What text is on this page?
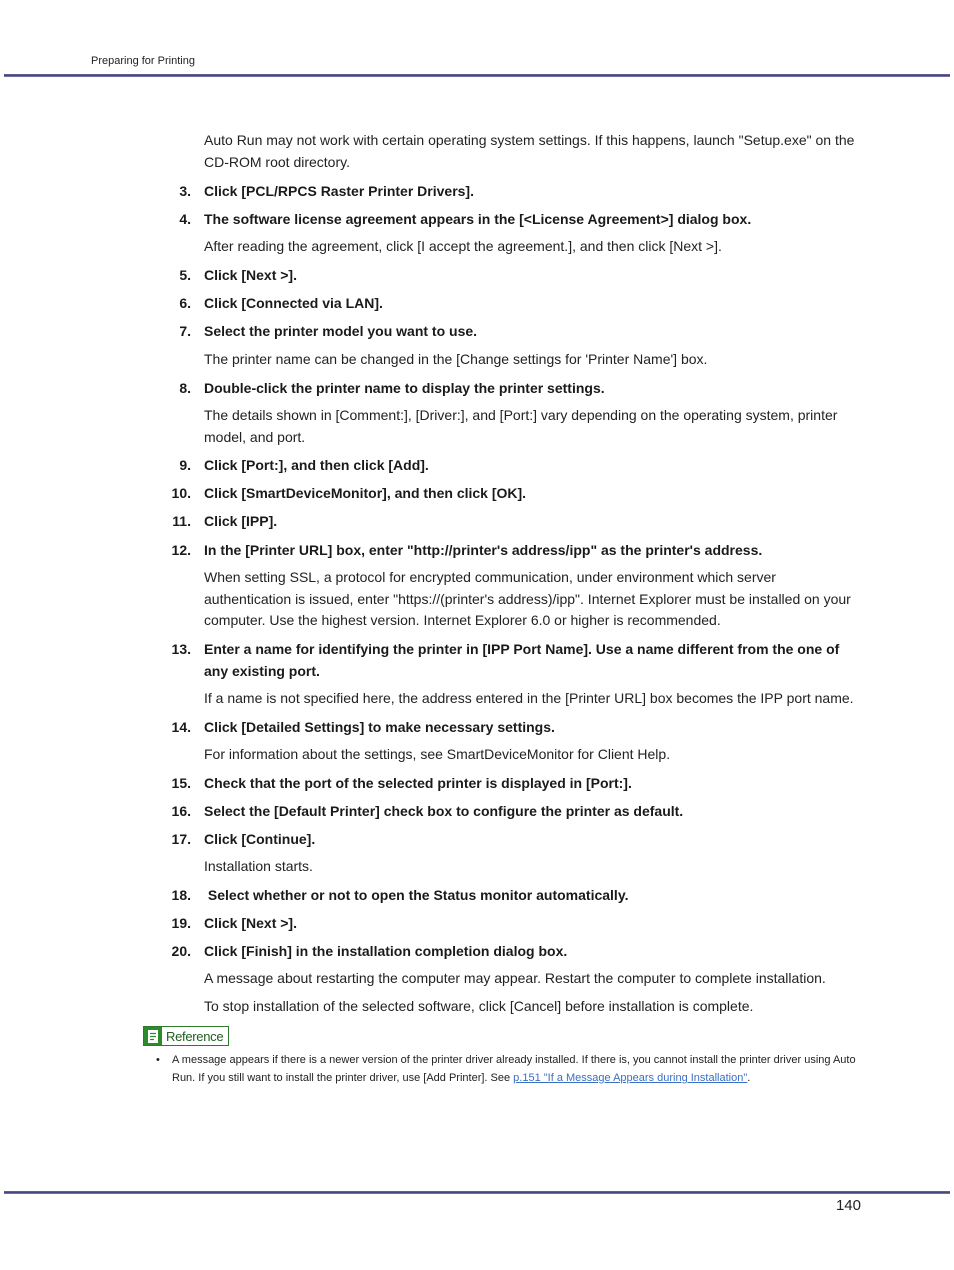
Preparing for Printing
Auto Run may not work with certain operating system settings. If this happens, launch "Setup.exe" on the CD-ROM root directory.
3. Click [PCL/RPCS Raster Printer Drivers].
4. The software license agreement appears in the [<License Agreement>] dialog box.
After reading the agreement, click [I accept the agreement.], and then click [Next >].
5. Click [Next >].
6. Click [Connected via LAN].
7. Select the printer model you want to use.
The printer name can be changed in the [Change settings for 'Printer Name'] box.
8. Double-click the printer name to display the printer settings.
The details shown in [Comment:], [Driver:], and [Port:] vary depending on the operating system, printer model, and port.
9. Click [Port:], and then click [Add].
10. Click [SmartDeviceMonitor], and then click [OK].
11. Click [IPP].
12. In the [Printer URL] box, enter "http://printer's address/ipp" as the printer's address.
When setting SSL, a protocol for encrypted communication, under environment which server authentication is issued, enter "https://(printer's address)/ipp". Internet Explorer must be installed on your computer. Use the highest version. Internet Explorer 6.0 or higher is recommended.
13. Enter a name for identifying the printer in [IPP Port Name]. Use a name different from the one of any existing port.
If a name is not specified here, the address entered in the [Printer URL] box becomes the IPP port name.
14. Click [Detailed Settings] to make necessary settings.
For information about the settings, see SmartDeviceMonitor for Client Help.
15. Check that the port of the selected printer is displayed in [Port:].
16. Select the [Default Printer] check box to configure the printer as default.
17. Click [Continue].
Installation starts.
18. Select whether or not to open the Status monitor automatically.
19. Click [Next >].
20. Click [Finish] in the installation completion dialog box.
A message about restarting the computer may appear. Restart the computer to complete installation.
To stop installation of the selected software, click [Cancel] before installation is complete.
Reference
• A message appears if there is a newer version of the printer driver already installed. If there is, you cannot install the printer driver using Auto Run. If you still want to install the printer driver, use [Add Printer]. See p.151 "If a Message Appears during Installation".
140
